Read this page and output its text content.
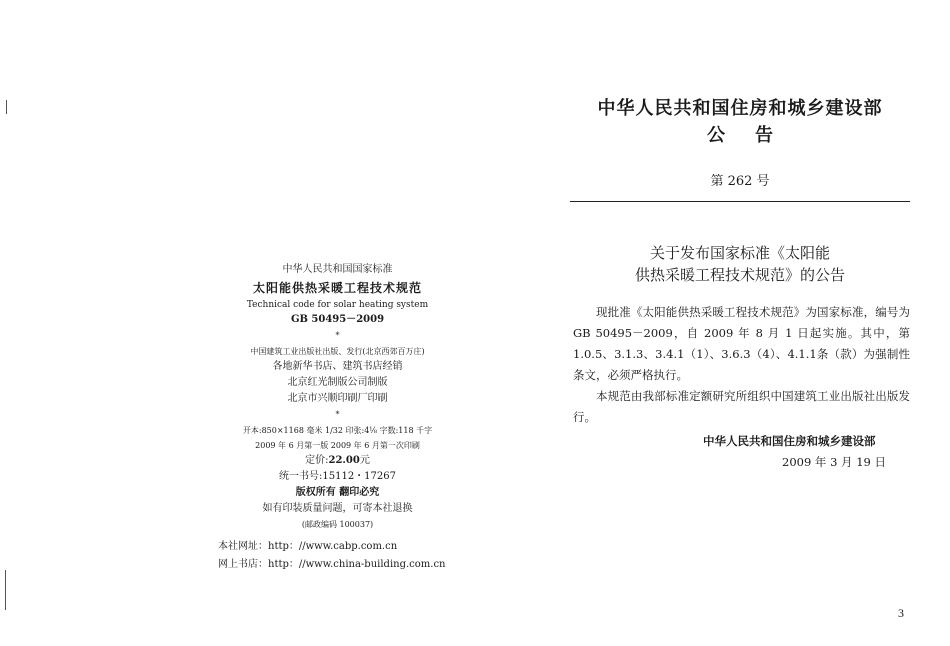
中华人民共和国国家标准
太阳能供热采暖工程技术规范
Technical code for solar heating system
GB 50495－2009
*
中国建筑工业出版社出版、发行(北京西郊百万庄)
各地新华书店、建筑书店经销
北京红光制版公司制版
北京市兴顺印刷厂印刷
*
开本:850×1168 毫米 1/32 印张:4⅛ 字数:118 千字
2009 年 6 月第一版 2009 年 6 月第一次印刷
定价:22.00元
统一书号:15112・17267
版权所有 翻印必究
如有印装质量问题，可寄本社退换
(邮政编码 100037)
本社网址：http：//www.cabp.com.cn
网上书店：http：//www.china-building.com.cn
中华人民共和国住房和城乡建设部
公告
第 262 号
关于发布国家标准《太阳能
供热采暖工程技术规范》的公告

现批准《太阳能供热采暖工程技术规范》为国家标准，编号为GB 50495－2009，自 2009 年 8 月 1 日起实施。其中，第1.0.5、3.1.3、3.4.1（1）、3.6.3（4）、4.1.1条（款）为强制性条文，必须严格执行。

本规范由我部标准定额研究所组织中国建筑工业出版社出版发行。

中华人民共和国住房和城乡建设部
2009 年 3 月 19 日
3
